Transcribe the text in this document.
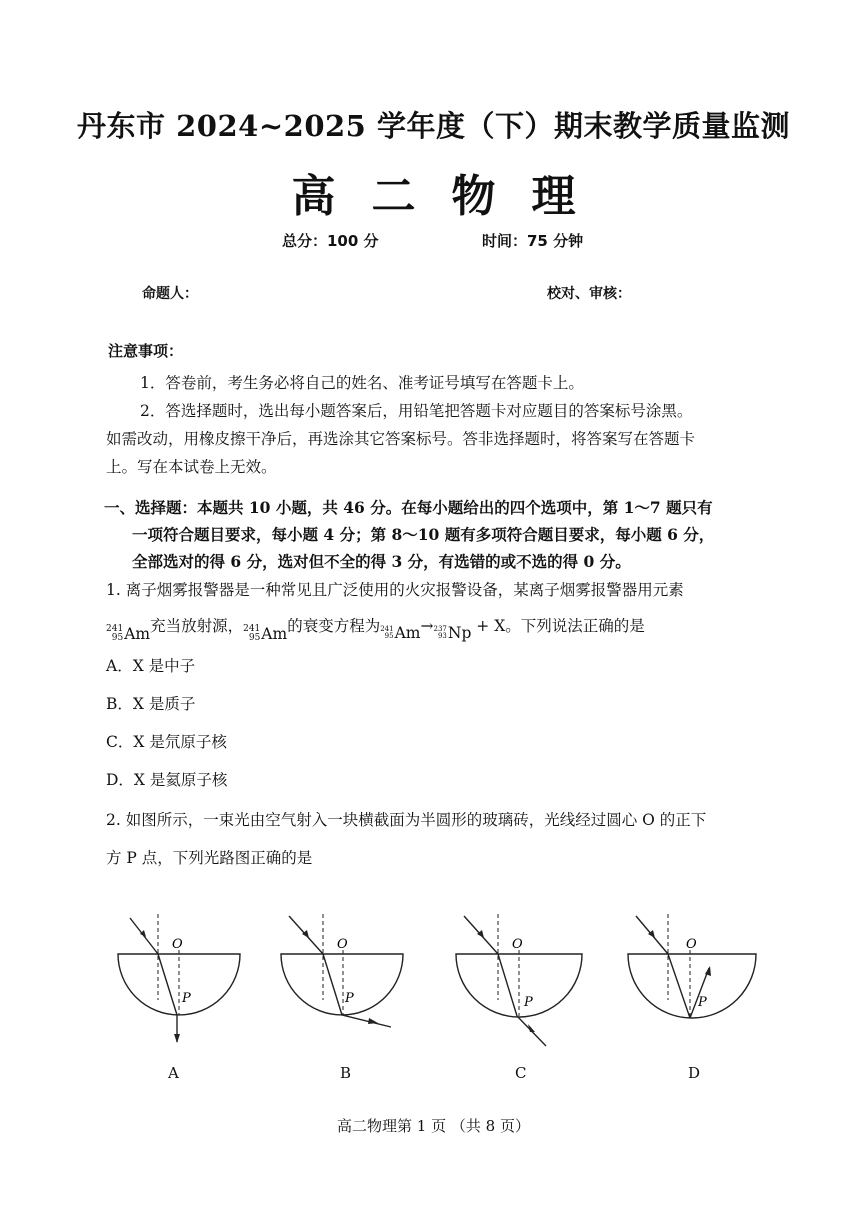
丹东市 2024~2025 学年度（下）期末教学质量监测
高二物理
总分：100 分	时间：75 分钟
命题人：	校对、审核：
注意事项：
1．答卷前，考生务必将自己的姓名、准考证号填写在答题卡上。
2．答选择题时，选出每小题答案后，用铅笔把答题卡对应题目的答案标号涂黑。
如需改动，用橡皮擦干净后，再选涂其它答案标号。答非选择题时，将答案写在答题卡
上。写在本试卷上无效。
一、选择题：本题共 10 小题，共 46 分。在每小题给出的四个选项中，第 1～7 题只有
一项符合题目要求，每小题 4 分；第 8～10 题有多项符合题目要求，每小题 6 分，
全部选对的得 6 分，选对但不全的得 3 分，有选错的或不选的得 0 分。
1. 离子烟雾报警器是一种常见且广泛使用的火灾报警设备，某离子烟雾报警器用元素
241
95 Am 充当放射源， 241
95 Am 的衰变方程为 241
95 Am → 237
93 Np + X。下列说法正确的是
A．X 是中子
B．X 是质子
C．X 是氘原子核
D．X 是氦原子核
2. 如图所示，一束光由空气射入一块横截面为半圆形的玻璃砖，光线经过圆心 O 的正下
方 P 点，下列光路图正确的是
O
P
O
P
O
P
O
P
A	B	C	D
高二物理第 1 页 （共 8 页）
